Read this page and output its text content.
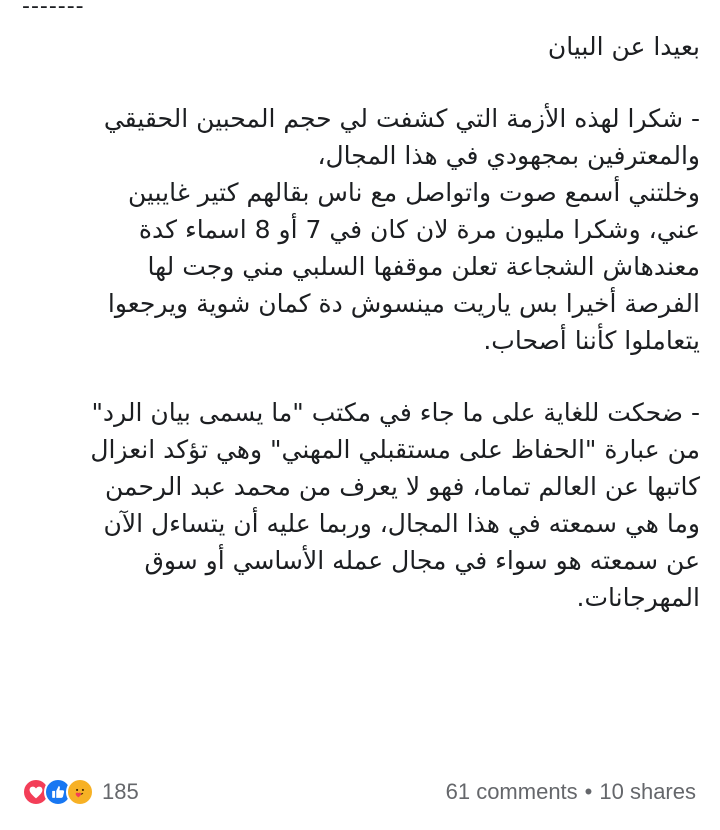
-------

بعيدا عن البيان

- شكرا لهذه الأزمة التي كشفت لي حجم المحبين الحقيقي

والمعترفين بمجهودي في هذا المجال،

وخلتني أسمع صوت واتواصل مع ناس بقالهم كتير غايبين

عني، وشكرا مليون مرة لان كان في 7 أو 8 اسماء كدة

معندهاش الشجاعة تعلن موقفها السلبي مني وجت لها

الفرصة أخيرا بس ياريت مينسوش دة كمان شوية ويرجعوا

يتعاملوا كأننا أصحاب.

- ضحكت للغاية على ما جاء في مكتب "ما يسمى بيان الرد"

من عبارة "الحفاظ على مستقبلي المهني" وهي تؤكد انعزال

كاتبها عن العالم تماما، فهو لا يعرف من محمد عبد الرحمن

وما هي سمعته في هذا المجال، وربما عليه أن يتساءل الآن

عن سمعته هو سواء في مجال عمله الأساسي أو سوق

المهرجانات.

185	61 comments • 10 shares
